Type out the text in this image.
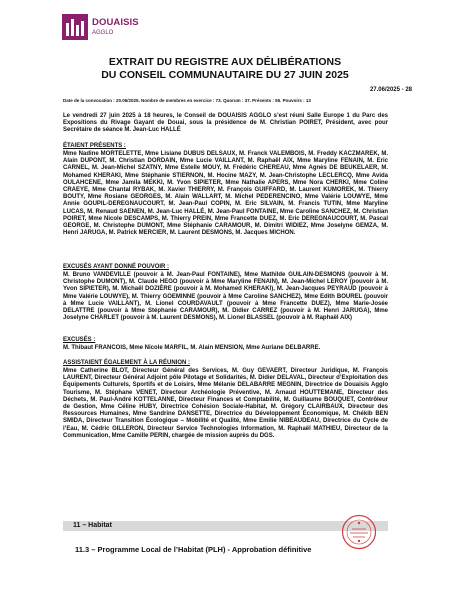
DOUAISIS
AGGLO
EXTRAIT DU REGISTRE AUX DÉLIBÉRATIONS
DU CONSEIL COMMUNAUTAIRE DU 27 JUIN 2025
27.06/2025 - 28
Date de la convocation : 20.06/2025. Nombre de membres en exercice : 73. Quorum : 37. Présents : 55. Pouvoirs : 13
Le vendredi 27 juin 2025 à 18 heures, le Conseil de DOUAISIS AGGLO s’est réuni Salle Europe 1 du Parc des Expositions du Rivage Gayant de Douai, sous la présidence de M. Christian POIRET, Président, avec pour Secrétaire de séance M. Jean-Luc HALLÉ
ÉTAIENT PRÉSENTS :
Mme Nadine MORTELETTE, Mme Lisiane DUBUS DELSAUX, M. Franck VALEMBOIS, M. Freddy KACZMAREK, M. Alain DUPONT, M. Christian DORDAIN, Mme Lucie VAILLANT, M. Raphaël AIX, Mme Maryline FENAIN, M. Eric CARNEL, M. Jean-Michel SZATNY, Mme Estelle MOUY, M. Frédéric CHEREAU, Mme Agnès DE BEUKELAER, M. Mohamed KHERAKI, Mme Stéphanie STIERNON, M. Hocine MAZY, M. Jean-Christophe LECLERCQ, Mme Avida OULAHCENE, Mme Jamila MEKKI, M. Yvon SIPIETER, Mme Nathalie APERS, Mme Nora CHERKI, Mme Coline CRAEYE, Mme Chantal RYBAK, M. Xavier THIERRY, M. François GUIFFARD, M. Laurent KUMOREK, M. Thierry BOUTY, Mme Rosiane GEORGES, M. Alain WALLART, M. Michel PEDERENCINO, Mme Valérie LOUWYE, Mme Annie GOUPIL-DEREGNAUCOURT, M. Jean-Paul COPIN, M. Eric SILVAIN, M. Francis TUTIN, Mme Maryline LUCAS, M. Renaud SAENEN, M. Jean-Luc HALLÉ, M. Jean-Paul FONTAINE, Mme Caroline SANCHEZ, M. Christian POIRET, Mme Nicole DESCAMPS, M. Thierry PREIN, Mme Francette DUEZ, M. Eric DEREGNAUCOURT, M. Pascal GEORGE, M. Christophe DUMONT, Mme Stéphanie CARAMOUR, M. Dimitri WIDIEZ, Mme Joselyne GEMZA, M. Henri JARUGA, M. Patrick MERCIER, M. Laurent DESMONS, M. Jacques MICHON.
EXCUSÉS AYANT DONNÉ POUVOIR :
M. Bruno VANDEVILLE (pouvoir à M. Jean-Paul FONTAINE), Mme Mathilde GUILAIN-DESMONS (pouvoir à M. Christophe DUMONT), M. Claude HEGO (pouvoir à Mme Maryline FENAIN), M. Jean-Michel LEROY (pouvoir à M. Yvon SIPIETER), M. Michaël DOZIÈRE (pouvoir à M. Mohamed KHERAKI), M. Jean-Jacques PEYRAUD (pouvoir à Mme Valérie LOUWYE), M. Thierry GOEMINNE (pouvoir à Mme Caroline SANCHEZ), Mme Edith BOUREL (pouvoir à Mme Lucie VAILLANT), M. Lionel COURDAVAULT (pouvoir à Mme Francette DUEZ), Mme Marie-Josée DELATTRE (pouvoir à Mme Stéphanie CARAMOUR), M. Didier CARREZ (pouvoir à M. Henri JARUGA), Mme Joselyne CHARLET (pouvoir à M. Laurent DESMONS), M. Lionel BLASSEL (pouvoir à M. Raphaël AIX)
EXCUSÉS :
M. Thibaut FRANCOIS, Mme Nicole MARFIL, M. Alain MENSION, Mme Auriane DELBARRE.
ASSISTAIENT ÉGALEMENT À LA RÉUNION :
Mme Catherine BLOT, Directeur Général des Services, M. Guy GEVAERT, Directeur Juridique, M. François LAURENT, Directeur Général Adjoint pôle Pilotage et Solidarités, M. Didier DELAVAL, Directeur d’Exploitation des Équipements Culturels, Sportifs et de Loisirs, Mme Mélanie DELABARRE MEGNIN, Directrice de Douaisis Agglo Tourisme, M. Stéphane VENET, Directeur Archéologie Préventive, M. Arnaud HOUTTEMANE, Directeur des Déchets, M. Paul-André KOTTELANNE, Directeur Finances et Comptabilité, M. Guillaume BOUQUET, Contrôleur de Gestion, Mme Céline HUBY, Directrice Cohésion Sociale-Habitat, M. Grégory CLAIRBAUX, Directeur des Ressources Humaines, Mme Sandrine DANSETTE, Directrice du Développement Économique, M. Chékib BEN SMIDA, Directeur Transition Écologique – Mobilité et Qualité, Mme Emilie NIBEAUDEAU, Directrice du Cycle de l’Eau, M. Cédric GILLERON, Directeur Service Technologies Information, M. Raphaël MATHIEU, Directeur de la Communication, Mme Camille PERIN, chargée de mission auprès du DGS.
11 – Habitat
11.3 – Programme Local de l’Habitat (PLH) - Approbation définitive
